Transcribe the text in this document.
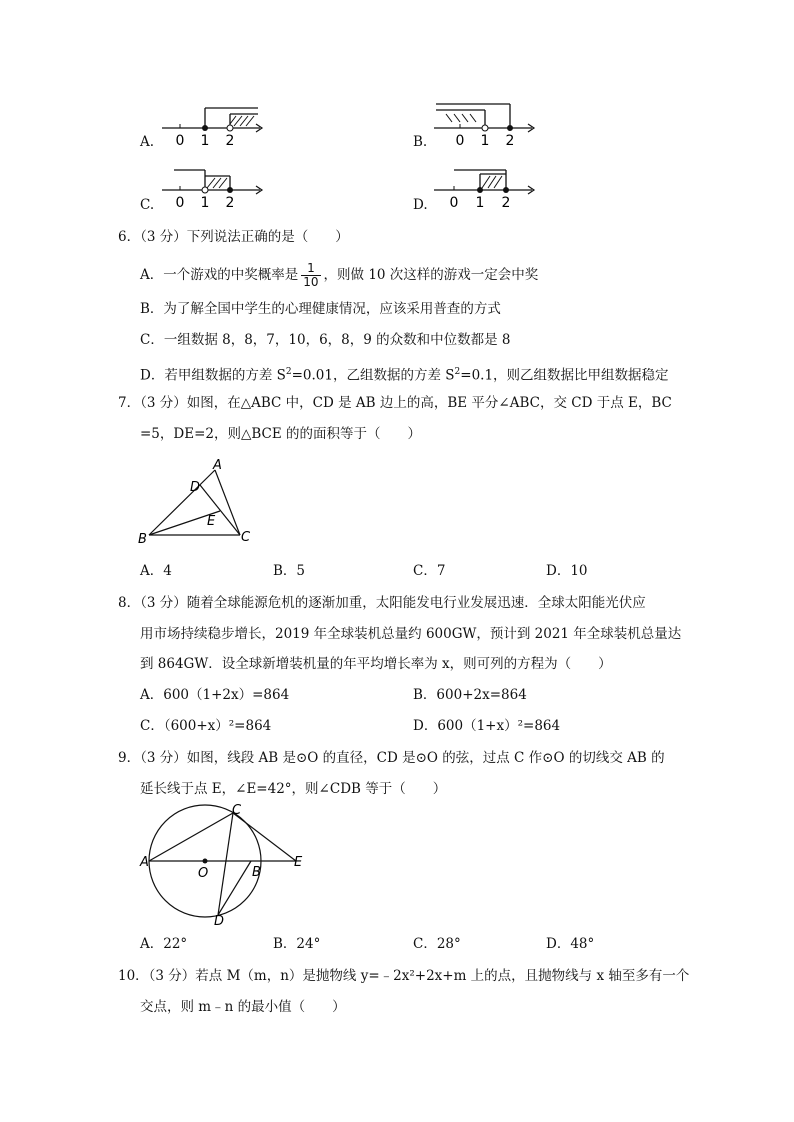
A. 0 1 2	B. 0 1 2
C. 0 1 2	D. 0 1 2
6．（3 分）下列说法正确的是（　　）
A．一个游戏的中奖概率是 $\frac{1}{10}$ ，则做 10 次这样的游戏一定会中奖
B．为了解全国中学生的心理健康情况，应该采用普查的方式
C．一组数据 8，8，7，10，6，8，9 的众数和中位数都是 8
D．若甲组数据的方差 $S^2=0.01$，乙组数据的方差 $S^2=0.1$，则乙组数据比甲组数据稳定
7．（3 分）如图，在△ABC 中，CD 是 AB 边上的高，BE 平分∠ABC，交 CD 于点 E，BC
=5，DE=2，则△BCE 的的面积等于（　　）
A
B	C
D
E
A．4	B．5	C．7	D．10
8．（3 分）随着全球能源危机的逐渐加重，太阳能发电行业发展迅速．全球太阳能光伏应
用市场持续稳步增长，2019 年全球装机总量约 600GW，预计到 2021 年全球装机总量达
到 864GW．设全球新增装机量的年平均增长率为 x，则可列的方程为（　　）
A．600（1+2x）=864	B．600+2x=864
C．（600+x）²=864	D．600（1+x）²=864
9．（3 分）如图，线段 AB 是⊙O 的直径，CD 是⊙O 的弦，过点 C 作⊙O 的切线交 AB 的
延长线于点 E，∠E=42°，则∠CDB 等于（　　）
A
B
C
D
E
O
A．22°	B．24°	C．28°	D．48°
10．（3 分）若点 M（m，n）是抛物线 y=﹣2x²+2x+m 上的点，且抛物线与 x 轴至多有一个
交点，则 m﹣n 的最小值（　　）
